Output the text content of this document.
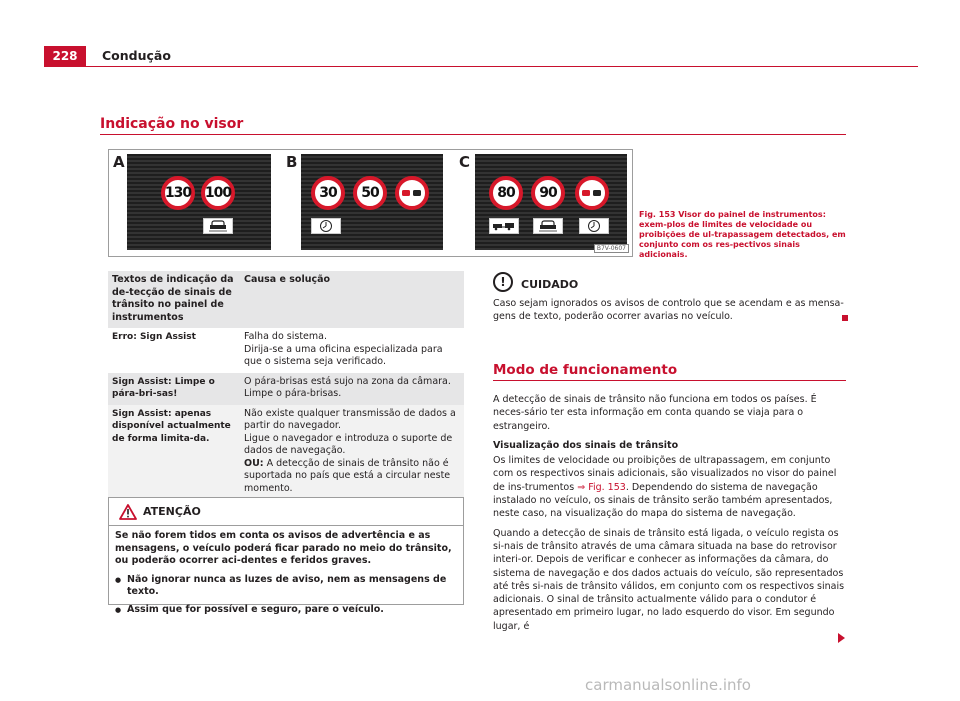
228	Condução
Indicação no visor
A
130 100
B
30	50
C
80	90
B7V-0607
Fig. 153 Visor do painel de instrumentos: exem-plos de limites de velocidade ou proibições de ul-trapassagem detectados, em conjunto com os res-pectivos sinais adicionais.
Textos de indicação da de-tecção de sinais de trânsito no painel de instrumentos	Causa e solução
Erro: Sign Assist	Falha do sistema.
Dirija-se a uma oficina especializada para que o sistema seja verificado.

Sign Assist: Limpe o pára-bri-sas!	O pára-brisas está sujo na zona da câmara.
Limpe o pára-brisas.

Sign Assist: apenas disponível actualmente de forma limita-da.	Não existe qualquer transmissão de dados a partir do navegador.
Ligue o navegador e introduza o suporte de dados de navegação.
OU: A detecção de sinais de trânsito não é suportada no país que está a circular neste momento.
ATENÇÃO

Se não forem tidos em conta os avisos de advertência e as mensagens, o veículo poderá ficar parado no meio do trânsito, ou poderão ocorrer aci-dentes e feridos graves.

● Não ignorar nunca as luzes de aviso, nem as mensagens de texto.
● Assim que for possível e seguro, pare o veículo.
!	CUIDADO
Caso sejam ignorados os avisos de controlo que se acendam e as mensa-gens de texto, poderão ocorrer avarias no veículo.
Modo de funcionamento

A detecção de sinais de trânsito não funciona em todos os países. É neces-sário ter esta informação em conta quando se viaja para o estrangeiro.

Visualização dos sinais de trânsito

Os limites de velocidade ou proibições de ultrapassagem, em conjunto com os respectivos sinais adicionais, são visualizados no visor do painel de ins-trumentos ⇒ Fig. 153. Dependendo do sistema de navegação instalado no veículo, os sinais de trânsito serão também apresentados, neste caso, na visualização do mapa do sistema de navegação.

Quando a detecção de sinais de trânsito está ligada, o veículo regista os si-nais de trânsito através de uma câmara situada na base do retrovisor interi-or. Depois de verificar e conhecer as informações da câmara, do sistema de navegação e dos dados actuais do veículo, são representados até três si-nais de trânsito válidos, em conjunto com os respectivos sinais adicionais. O sinal de trânsito actualmente válido para o condutor é apresentado em primeiro lugar, no lado esquerdo do visor. Em segundo lugar, é

carmanualsonline.info
